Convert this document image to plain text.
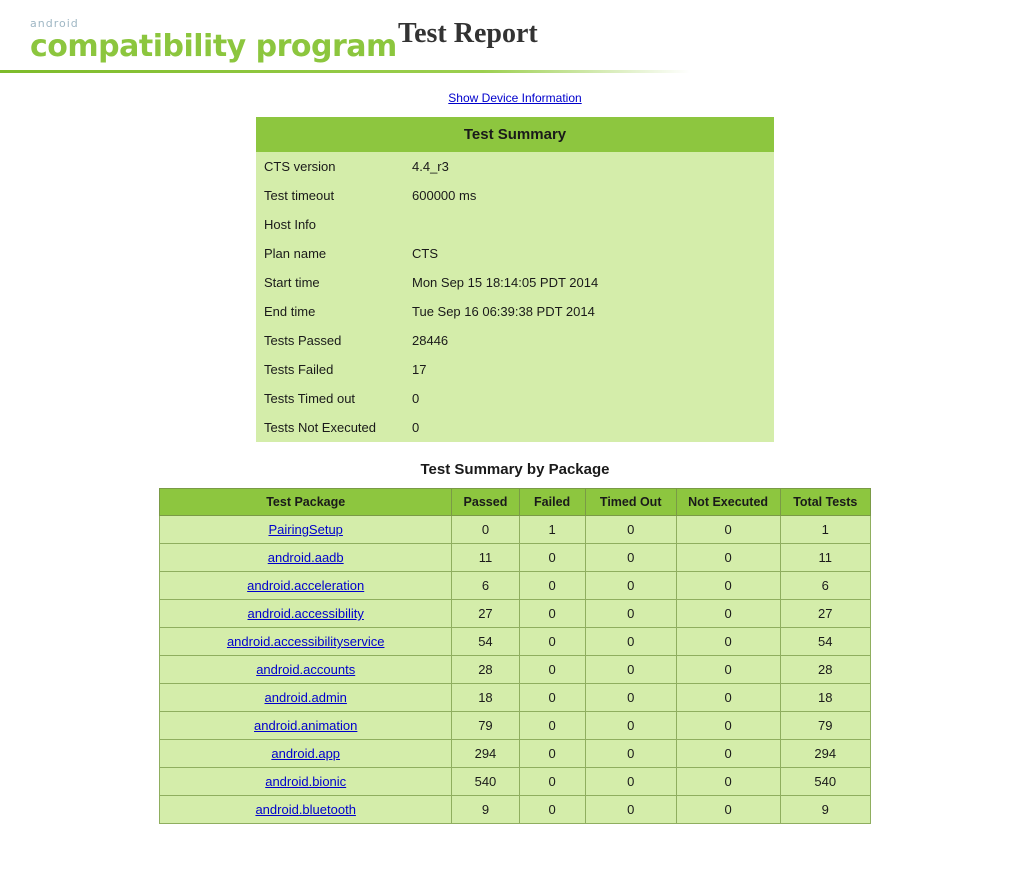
android
compatibility program Test Report
Show Device Information
Test Summary
CTS version	4.4_r3
Test timeout	600000 ms
Host Info	
Plan name	CTS
Start time	Mon Sep 15 18:14:05 PDT 2014
End time	Tue Sep 16 06:39:38 PDT 2014
Tests Passed	28446
Tests Failed	17
Tests Timed out	0
Tests Not Executed	0
Test Summary by Package
Test Package	Passed	Failed	Timed Out	Not Executed	Total Tests
PairingSetup	0	1	0	0	1
android.aadb	11	0	0	0	11
android.acceleration	6	0	0	0	6
android.accessibility	27	0	0	0	27
android.accessibilityservice	54	0	0	0	54
android.accounts	28	0	0	0	28
android.admin	18	0	0	0	18
android.animation	79	0	0	0	79
android.app	294	0	0	0	294
android.bionic	540	0	0	0	540
android.bluetooth	9	0	0	0	9
